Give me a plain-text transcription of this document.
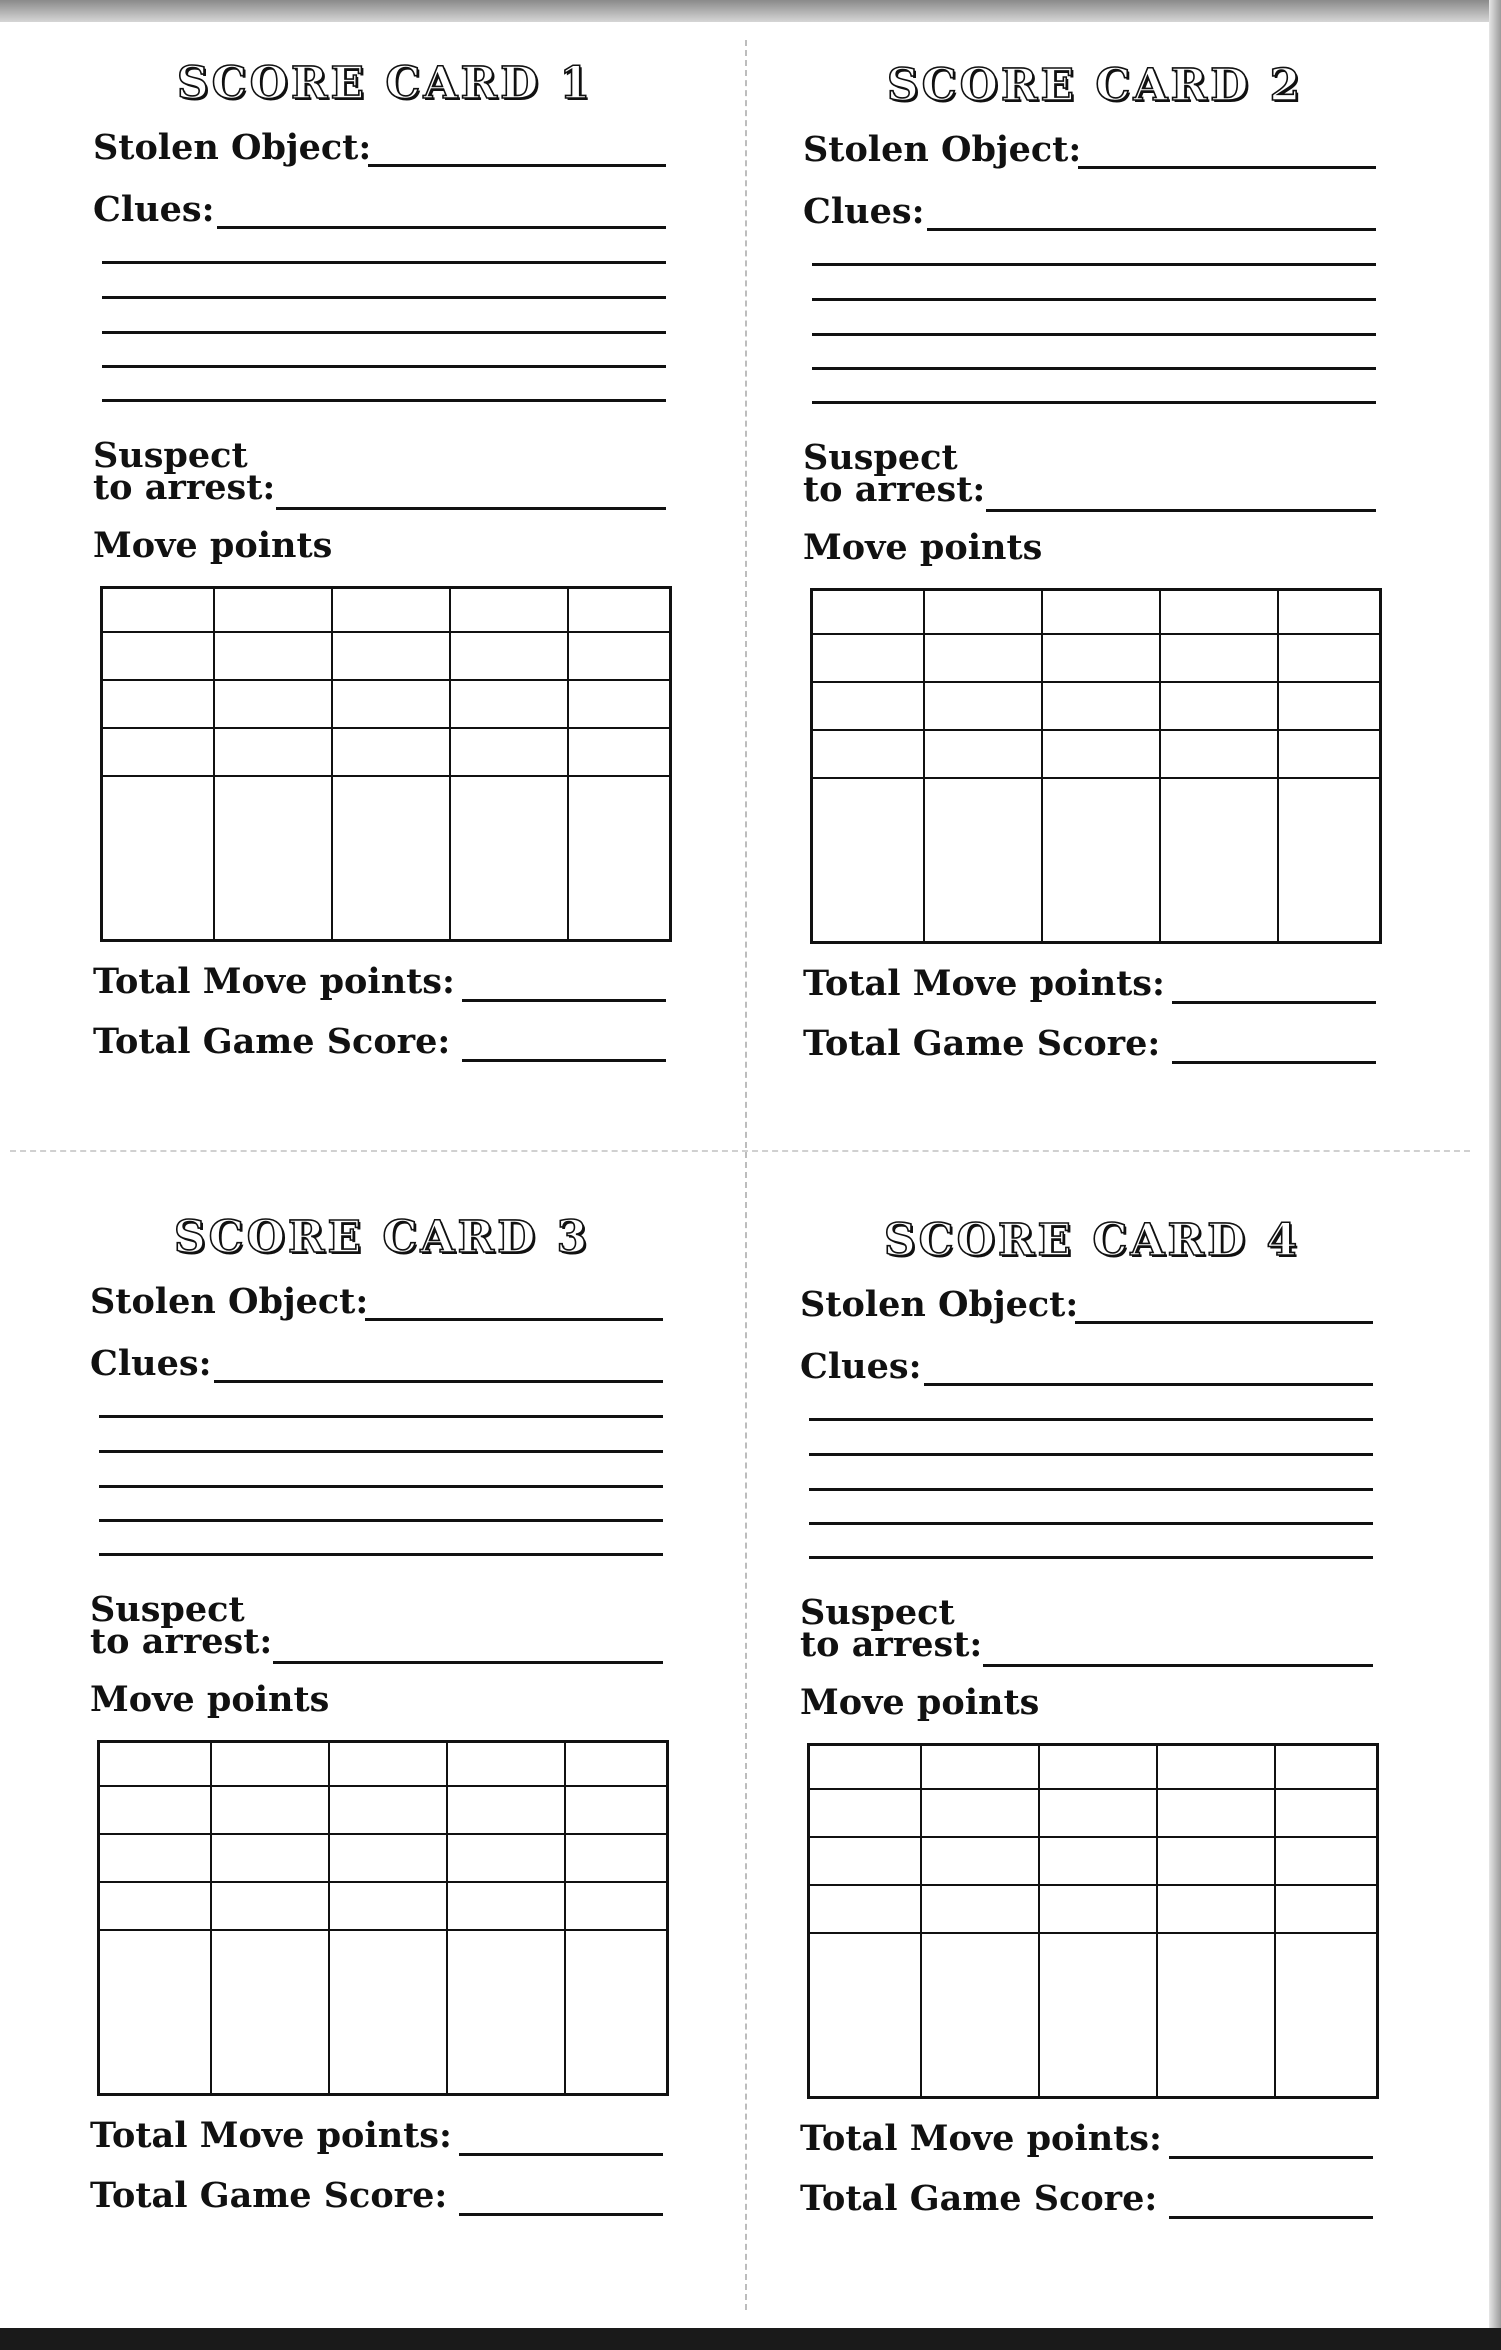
SCORE CARD 1
Stolen Object:
Clues:
Suspect
to arrest:
Move points
Total Move points:
Total Game Score:
SCORE CARD 2
Stolen Object:
Clues:
Suspect
to arrest:
Move points
Total Move points:
Total Game Score:
SCORE CARD 3
Stolen Object:
Clues:
Suspect
to arrest:
Move points
Total Move points:
Total Game Score:
SCORE CARD 4
Stolen Object:
Clues:
Suspect
to arrest:
Move points
Total Move points:
Total Game Score:
